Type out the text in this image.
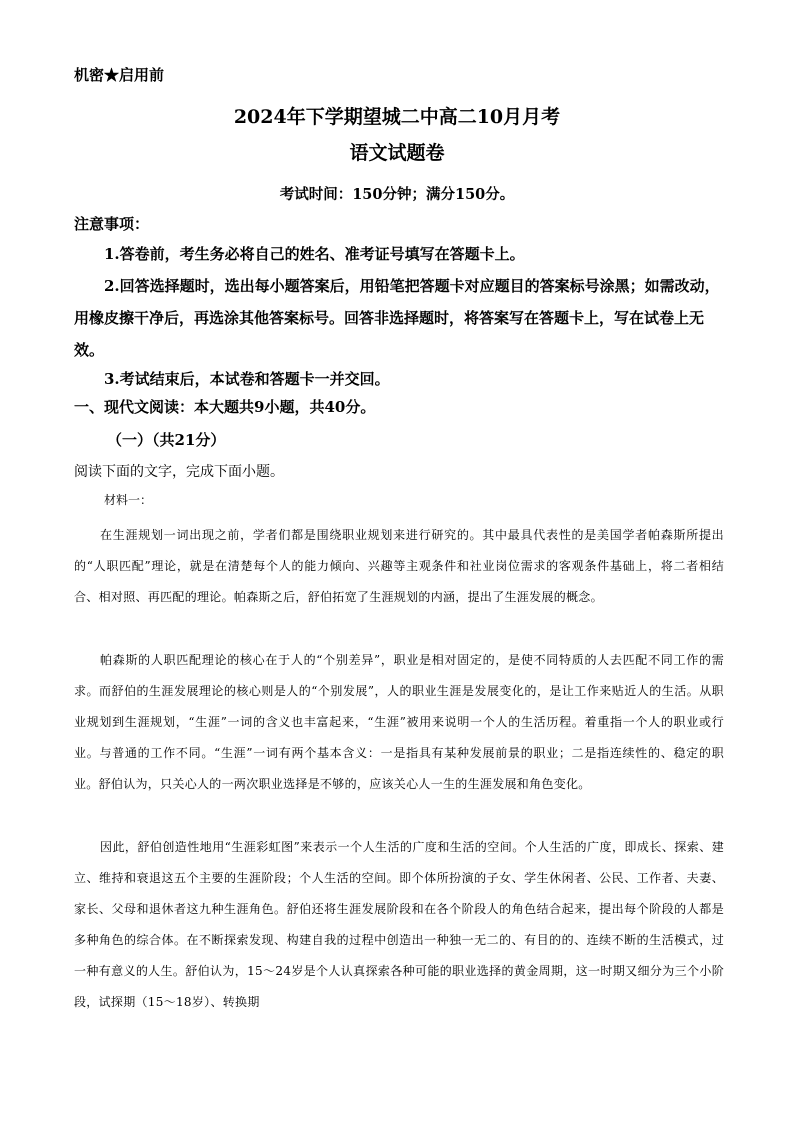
机密★启用前
2024年下学期望城二中高二10月月考
语文试题卷
考试时间：150分钟；满分150分。
注意事项：
1.答卷前，考生务必将自己的姓名、准考证号填写在答题卡上。
2.回答选择题时，选出每小题答案后，用铅笔把答题卡对应题目的答案标号涂黑；如需改动，用橡皮擦干净后，再选涂其他答案标号。回答非选择题时，将答案写在答题卡上，写在试卷上无效。
3.考试结束后，本试卷和答题卡一并交回。
一、现代文阅读：本大题共9小题，共40分。
（一）（共21分）
阅读下面的文字，完成下面小题。
材料一：
在生涯规划一词出现之前，学者们都是围绕职业规划来进行研究的。其中最具代表性的是美国学者帕森斯所提出的“人职匹配”理论，就是在清楚每个人的能力倾向、兴趣等主观条件和社业岗位需求的客观条件基础上，将二者相结合、相对照、再匹配的理论。帕森斯之后，舒伯拓宽了生涯规划的内涵，提出了生涯发展的概念。
帕森斯的人职匹配理论的核心在于人的“个别差异”，职业是相对固定的，是使不同特质的人去匹配不同工作的需求。而舒伯的生涯发展理论的核心则是人的“个别发展”，人的职业生涯是发展变化的，是让工作来贴近人的生活。从职业规划到生涯规划，“生涯”一词的含义也丰富起来，“生涯”被用来说明一个人的生活历程。着重指一个人的职业或行业。与普通的工作不同。“生涯”一词有两个基本含义：一是指具有某种发展前景的职业；二是指连续性的、稳定的职业。舒伯认为，只关心人的一两次职业选择是不够的，应该关心人一生的生涯发展和角色变化。
因此，舒伯创造性地用“生涯彩虹图”来表示一个人生活的广度和生活的空间。个人生活的广度，即成长、探索、建立、维持和衰退这五个主要的生涯阶段；个人生活的空间。即个体所扮演的子女、学生休闲者、公民、工作者、夫妻、家长、父母和退休者这九种生涯角色。舒伯还将生涯发展阶段和在各个阶段人的角色结合起来，提出每个阶段的人都是多种角色的综合体。在不断探索发现、构建自我的过程中创造出一种独一无二的、有目的的、连续不断的生活模式，过一种有意义的人生。舒伯认为，15～24岁是个人认真探索各种可能的职业选择的黄金周期，这一时期又细分为三个小阶段，试探期（15～18岁）、转换期
